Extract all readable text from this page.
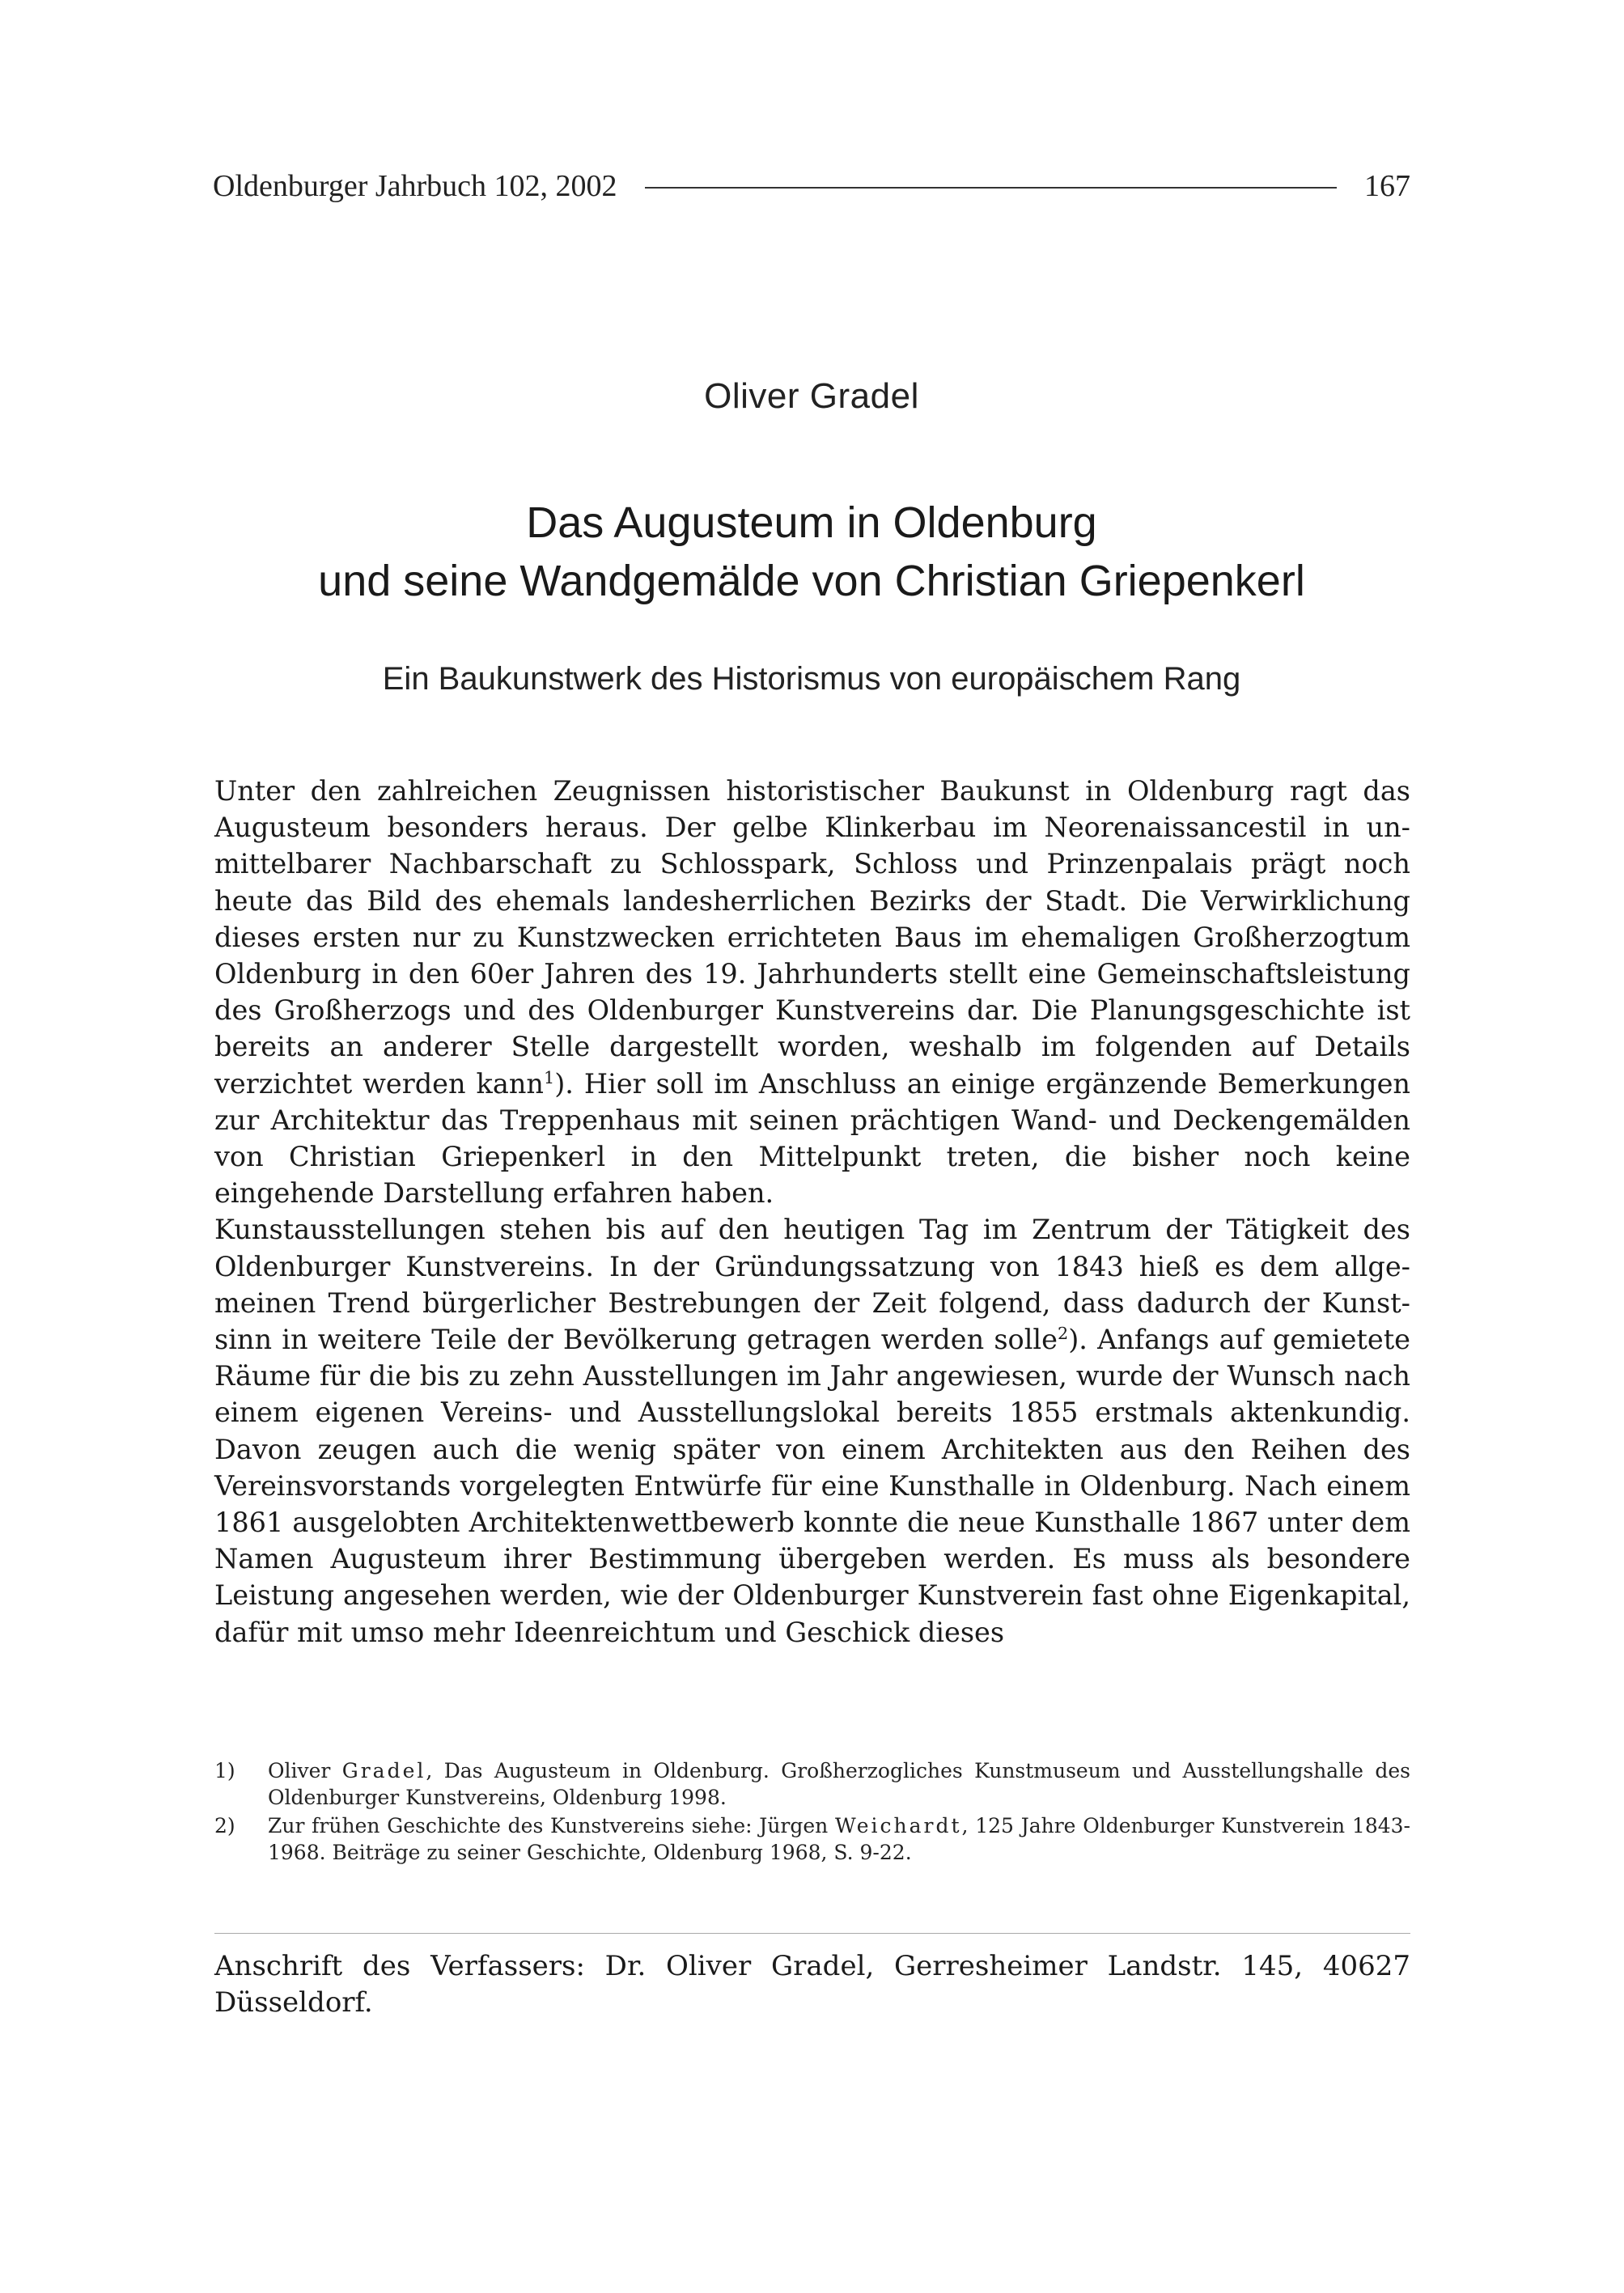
Oldenburger Jahrbuch 102, 2002	167
Oliver Gradel
Das Augusteum in Oldenburg
und seine Wandgemälde von Christian Griepenkerl
Ein Baukunstwerk des Historismus von europäischem Rang

Unter den zahlreichen Zeugnissen historistischer Baukunst in Oldenburg ragt das Augusteum besonders heraus. Der gelbe Klinkerbau im Neorenaissancestil in unmittelbarer Nachbarschaft zu Schlosspark, Schloss und Prinzenpalais prägt noch heute das Bild des ehemals landesherrlichen Bezirks der Stadt. Die Verwirklichung dieses ersten nur zu Kunstzwecken errichteten Baus im ehemaligen Großherzogtum Oldenburg in den 60er Jahren des 19. Jahrhunderts stellt eine Gemeinschaftsleistung des Großherzogs und des Oldenburger Kunstvereins dar. Die Planungsgeschichte ist bereits an anderer Stelle dargestellt worden, weshalb im folgenden auf Details verzichtet werden kann$^1$). Hier soll im Anschluss an einige ergänzende Bemerkungen zur Architektur das Treppenhaus mit seinen prächtigen Wand- und Deckengemälden von Christian Griepenkerl in den Mittelpunkt treten, die bisher noch keine eingehende Darstellung erfahren haben.

Kunstausstellungen stehen bis auf den heutigen Tag im Zentrum der Tätigkeit des Oldenburger Kunstvereins. In der Gründungssatzung von 1843 hieß es dem allgemeinen Trend bürgerlicher Bestrebungen der Zeit folgend, dass dadurch der Kunstsinn in weitere Teile der Bevölkerung getragen werden solle$^2$). Anfangs auf gemietete Räume für die bis zu zehn Ausstellungen im Jahr angewiesen, wurde der Wunsch nach einem eigenen Vereins- und Ausstellungslokal bereits 1855 erstmals aktenkundig. Davon zeugen auch die wenig später von einem Architekten aus den Reihen des Vereinsvorstands vorgelegten Entwürfe für eine Kunsthalle in Oldenburg. Nach einem 1861 ausgelobten Architektenwettbewerb konnte die neue Kunsthalle 1867 unter dem Namen Augusteum ihrer Bestimmung übergeben werden. Es muss als besondere Leistung angesehen werden, wie der Oldenburger Kunstverein fast ohne Eigenkapital, dafür mit umso mehr Ideenreichtum und Geschick dieses

1)	Oliver Gradel, Das Augusteum in Oldenburg. Großherzogliches Kunstmuseum und Ausstellungshalle des Oldenburger Kunstvereins, Oldenburg 1998.
2)	Zur frühen Geschichte des Kunstvereins siehe: Jürgen Weichardt, 125 Jahre Oldenburger Kunstverein 1843-1968. Beiträge zu seiner Geschichte, Oldenburg 1968, S. 9-22.
Anschrift des Verfassers: Dr. Oliver Gradel, Gerresheimer Landstr. 145, 40627 Düsseldorf.
